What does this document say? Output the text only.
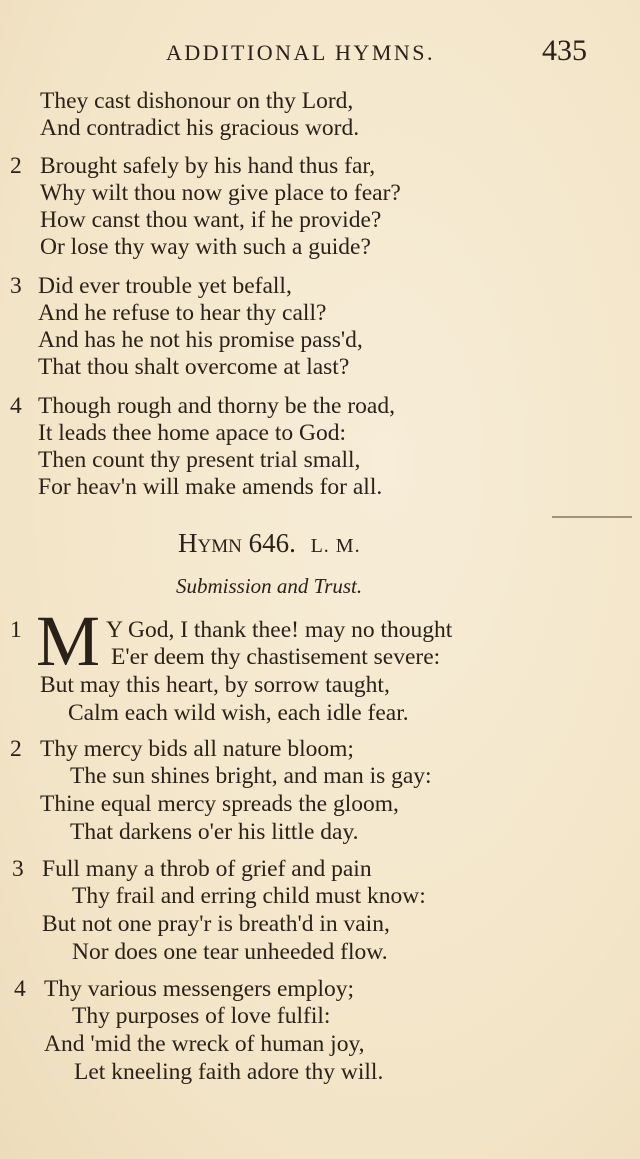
ADDITIONAL HYMNS.	435
They cast dishonour on thy Lord,
And contradict his gracious word.
2 Brought safely by his hand thus far,
Why wilt thou now give place to fear?
How canst thou want, if he provide?
Or lose thy way with such a guide?
3 Did ever trouble yet befall,
And he refuse to hear thy call?
And has he not his promise pass'd,
That thou shalt overcome at last?
4 Though rough and thorny be the road,
It leads thee home apace to God:
Then count thy present trial small,
For heav'n will make amends for all.
Hymn 646. L. M.
Submission and Trust.
1 M Y God, I thank thee! may no thought
E'er deem thy chastisement severe:
But may this heart, by sorrow taught,
Calm each wild wish, each idle fear.
2 Thy mercy bids all nature bloom;
The sun shines bright, and man is gay:
Thine equal mercy spreads the gloom,
That darkens o'er his little day.
3 Full many a throb of grief and pain
Thy frail and erring child must know:
But not one pray'r is breath'd in vain,
Nor does one tear unheeded flow.
4 Thy various messengers employ;
Thy purposes of love fulfil:
And 'mid the wreck of human joy,
Let kneeling faith adore thy will.
